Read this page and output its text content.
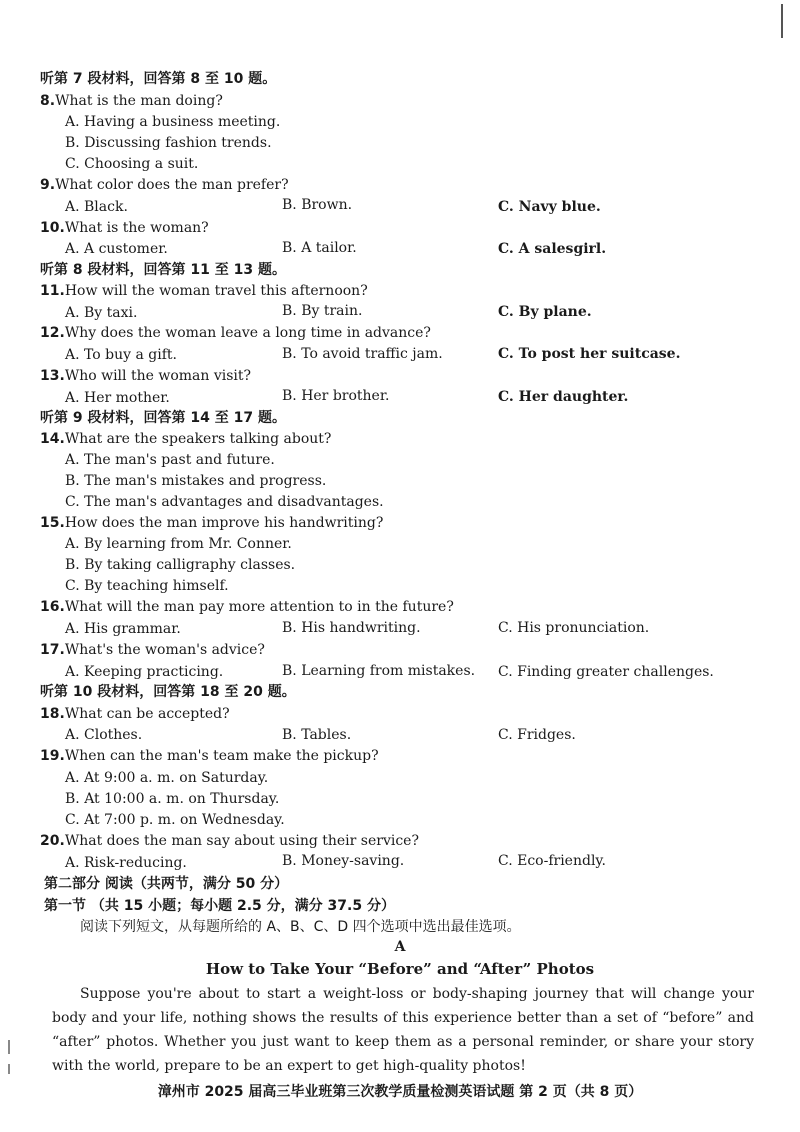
听第 7 段材料，回答第 8 至 10 题。
8.What is the man doing?
A. Having a business meeting.
B. Discussing fashion trends.
C. Choosing a suit.
9.What color does the man prefer?
A. Black.	B. Brown.	C. Navy blue.
10.What is the woman?
A. A customer.	B. A tailor.	C. A salesgirl.
听第 8 段材料，回答第 11 至 13 题。
11.How will the woman travel this afternoon?
A. By taxi.	B. By train.	C. By plane.
12.Why does the woman leave a long time in advance?
A. To buy a gift.	B. To avoid traffic jam.	C. To post her suitcase.
13.Who will the woman visit?
A. Her mother.	B. Her brother.	C. Her daughter.
听第 9 段材料，回答第 14 至 17 题。
14.What are the speakers talking about?
A. The man's past and future.
B. The man's mistakes and progress.
C. The man's advantages and disadvantages.
15.How does the man improve his handwriting?
A. By learning from Mr. Conner.
B. By taking calligraphy classes.
C. By teaching himself.
16.What will the man pay more attention to in the future?
A. His grammar.	B. His handwriting.	C. His pronunciation.
17.What's the woman's advice?
A. Keeping practicing.	B. Learning from mistakes. C. Finding greater challenges.
听第 10 段材料，回答第 18 至 20 题。
18.What can be accepted?
A. Clothes.	B. Tables.	C. Fridges.
19.When can the man's team make the pickup?
A. At 9:00 a. m. on Saturday.
B. At 10:00 a. m. on Thursday.
C. At 7:00 p. m. on Wednesday.
20.What does the man say about using their service?
A. Risk-reducing.	B. Money-saving.	C. Eco-friendly.
第二部分 阅读（共两节，满分 50 分）
第一节 （共 15 小题；每小题 2.5 分，满分 37.5 分）
阅读下列短文，从每题所给的 A、B、C、D 四个选项中选出最佳选项。
A
How to Take Your “Before” and “After” Photos
Suppose you're about to start a weight-loss or body-shaping journey that will change your body and your life, nothing shows the results of this experience better than a set of “before” and “after” photos. Whether you just want to keep them as a personal reminder, or share your story with the world, prepare to be an expert to get high-quality photos!
漳州市 2025 届高三毕业班第三次教学质量检测英语试题 第 2 页（共 8 页）
